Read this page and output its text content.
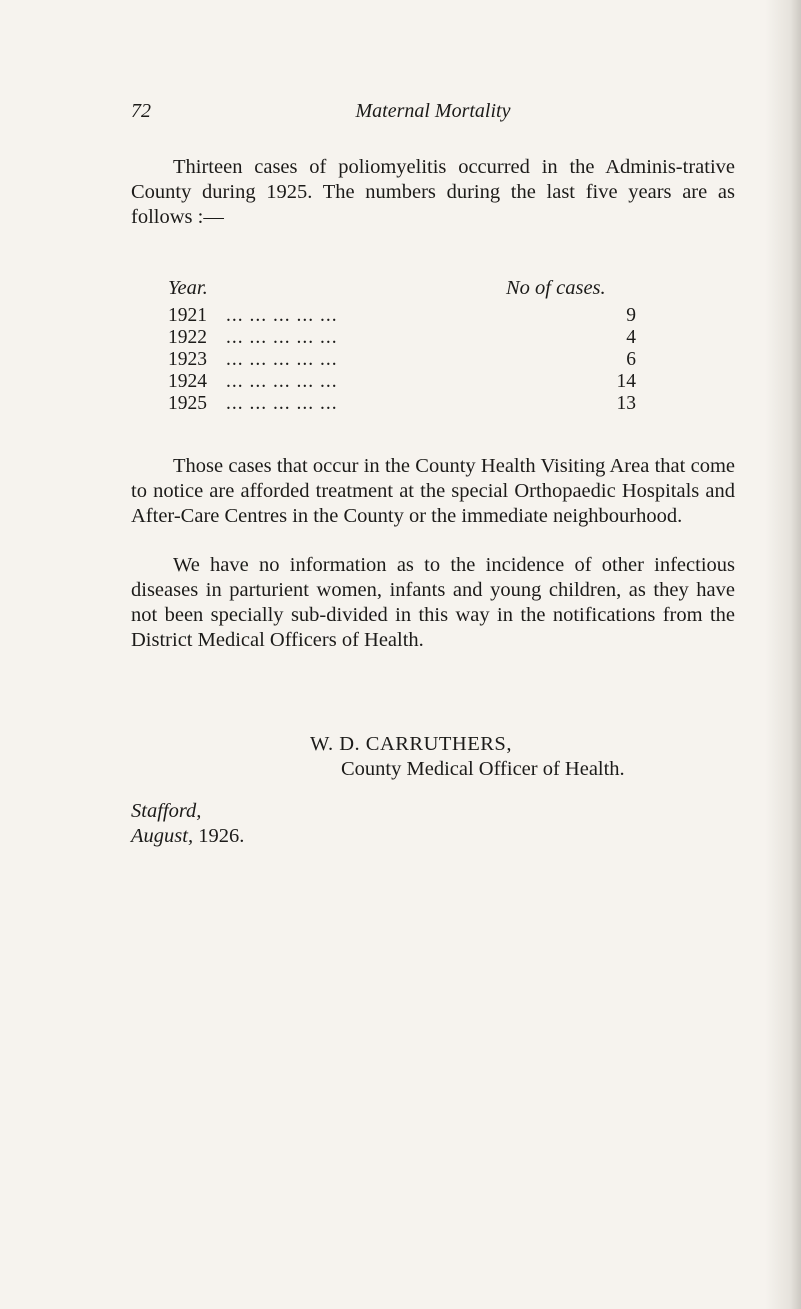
72	Maternal Mortality

Thirteen cases of poliomyelitis occurred in the Adminis-trative County during 1925. The numbers during the last five years are as follows :—

Year.	No of cases.
1921 ... ... ... ... ...	9
1922 ... ... ... ... ...	4
1923 ... ... ... ... ...	6
1924 ... ... ... ... ...	14
1925 ... ... ... ... ...	13

Those cases that occur in the County Health Visiting Area that come to notice are afforded treatment at the special Orthopaedic Hospitals and After-Care Centres in the County or the immediate neighbourhood.

We have no information as to the incidence of other infectious diseases in parturient women, infants and young children, as they have not been specially sub-divided in this way in the notifications from the District Medical Officers of Health.

W. D. CARRUTHERS,
County Medical Officer of Health.
Stafford,
August, 1926.
